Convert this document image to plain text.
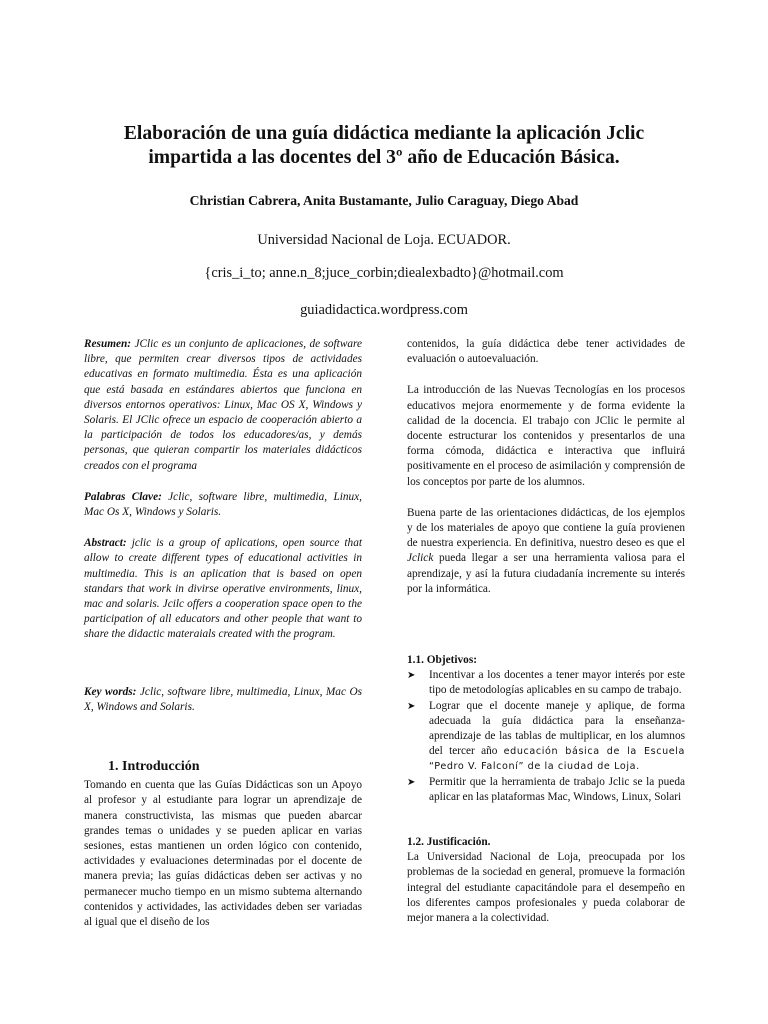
Elaboración de una guía didáctica mediante la aplicación Jclic
impartida a las docentes del 3º año de Educación Básica.
Christian Cabrera, Anita Bustamante, Julio Caraguay, Diego Abad
Universidad Nacional de Loja. ECUADOR.
{cris_i_to; anne.n_8;juce_corbin;diealexbadto}@hotmail.com
guiadidactica.wordpress.com

Resumen: JClic es un conjunto de aplicaciones, de software libre, que permiten crear diversos tipos de actividades educativas en formato multimedia. Ésta es una aplicación que está basada en estándares abiertos que funciona en diversos entornos operativos: Linux, Mac OS X, Windows y Solaris. El JClic ofrece un espacio de cooperación abierto a la participación de todos los educadores/as, y demás personas, que quieran compartir los materiales didácticos creados con el programa

Palabras Clave: Jclic, software libre, multimedia, Linux, Mac Os X, Windows y Solaris.

Abstract: jclic is a group of aplications, open source that allow to create different types of educational activities in multimedia. This is an aplication that is based on open standars that work in divirse operative environments, linux, mac and solaris. Jcilc offers a cooperation space open to the participation of all educators and other people that want to share the didactic materaials created with the program.

Key words: Jclic, software libre, multimedia, Linux, Mac Os X, Windows and Solaris.

1. Introducción

Tomando en cuenta que las Guías Didácticas son un Apoyo al profesor y al estudiante para lograr un aprendizaje de manera constructivista, las mismas que pueden abarcar grandes temas o unidades y se pueden aplicar en varias sesiones, estas mantienen un orden lógico con contenido, actividades y evaluaciones determinadas por el docente de manera previa; las guías didácticas deben ser activas y no permanecer mucho tiempo en un mismo subtema alternando contenidos y actividades, las actividades deben ser variadas al igual que el diseño de los

contenidos, la guía didáctica debe tener actividades de evaluación o autoevaluación.

La introducción de las Nuevas Tecnologías en los procesos educativos mejora enormemente y de forma evidente la calidad de la docencia. El trabajo con JClic le permite al docente estructurar los contenidos y presentarlos de una forma cómoda, didáctica e interactiva que influirá positivamente en el proceso de asimilación y comprensión de los conceptos por parte de los alumnos.

Buena parte de las orientaciones didácticas, de los ejemplos y de los materiales de apoyo que contiene la guía provienen de nuestra experiencia. En definitiva, nuestro deseo es que el Jclick pueda llegar a ser una herramienta valiosa para el aprendizaje, y así la futura ciudadanía incremente su interés por la informática.

1.1. Objetivos:
➤ Incentivar a los docentes a tener mayor interés por este tipo de metodologías aplicables en su campo de trabajo.
➤ Lograr que el docente maneje y aplique, de forma adecuada la guía didáctica para la enseñanza-aprendizaje de las tablas de multiplicar, en los alumnos del tercer año educación básica de la Escuela “Pedro V. Falconí” de la ciudad de Loja.
➤ Permitir que la herramienta de trabajo Jclic se la pueda aplicar en las plataformas Mac, Windows, Linux, Solari
1.2. Justificación.

La Universidad Nacional de Loja, preocupada por los problemas de la sociedad en general, promueve la formación integral del estudiante capacitándole para el desempeño en los diferentes campos profesionales y pueda colaborar de mejor manera a la colectividad.
